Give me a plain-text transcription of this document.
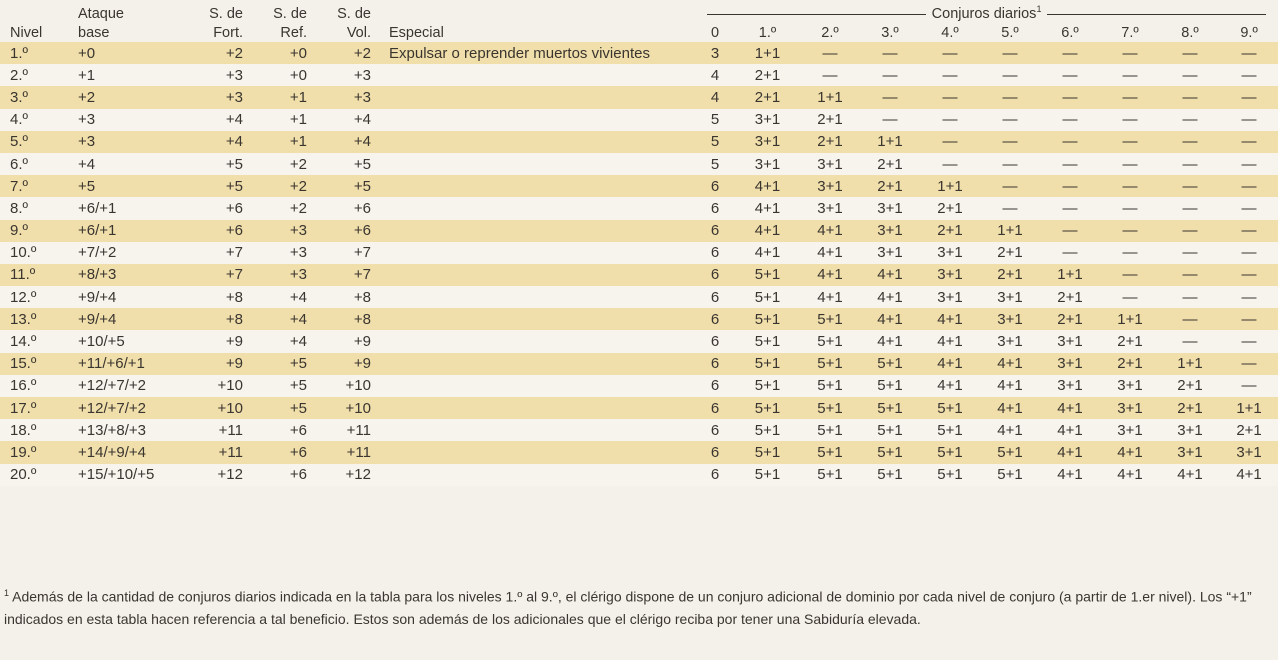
	Ataque	S. de	S. de	S. de		Conjuros diarios$^1$
Nivel	base	Fort.	Ref.	Vol.	Especial	0	1.º	2.º	3.º	4.º	5.º	6.º	7.º	8.º	9.º
1.º	+0	+2	+0	+2	Expulsar o reprender muertos vivientes	3	1+1	—	—	—	—	—	—	—	—
2.º	+1	+3	+0	+3		4	2+1	—	—	—	—	—	—	—	—
3.º	+2	+3	+1	+3		4	2+1	1+1	—	—	—	—	—	—	—
4.º	+3	+4	+1	+4		5	3+1	2+1	—	—	—	—	—	—	—
5.º	+3	+4	+1	+4		5	3+1	2+1	1+1	—	—	—	—	—	—
6.º	+4	+5	+2	+5		5	3+1	3+1	2+1	—	—	—	—	—	—
7.º	+5	+5	+2	+5		6	4+1	3+1	2+1	1+1	—	—	—	—	—
8.º	+6/+1	+6	+2	+6		6	4+1	3+1	3+1	2+1	—	—	—	—	—
9.º	+6/+1	+6	+3	+6		6	4+1	4+1	3+1	2+1	1+1	—	—	—	—
10.º	+7/+2	+7	+3	+7		6	4+1	4+1	3+1	3+1	2+1	—	—	—	—
11.º	+8/+3	+7	+3	+7		6	5+1	4+1	4+1	3+1	2+1	1+1	—	—	—
12.º	+9/+4	+8	+4	+8		6	5+1	4+1	4+1	3+1	3+1	2+1	—	—	—
13.º	+9/+4	+8	+4	+8		6	5+1	5+1	4+1	4+1	3+1	2+1	1+1	—	—
14.º	+10/+5	+9	+4	+9		6	5+1	5+1	4+1	4+1	3+1	3+1	2+1	—	—
15.º	+11/+6/+1	+9	+5	+9		6	5+1	5+1	5+1	4+1	4+1	3+1	2+1	1+1	—
16.º	+12/+7/+2	+10	+5	+10		6	5+1	5+1	5+1	4+1	4+1	3+1	3+1	2+1	—
17.º	+12/+7/+2	+10	+5	+10		6	5+1	5+1	5+1	5+1	4+1	4+1	3+1	2+1	1+1
18.º	+13/+8/+3	+11	+6	+11		6	5+1	5+1	5+1	5+1	4+1	4+1	3+1	3+1	2+1
19.º	+14/+9/+4	+11	+6	+11		6	5+1	5+1	5+1	5+1	5+1	4+1	4+1	3+1	3+1
20.º	+15/+10/+5	+12	+6	+12		6	5+1	5+1	5+1	5+1	5+1	4+1	4+1	4+1	4+1
$^1$ Además de la cantidad de conjuros diarios indicada en la tabla para los niveles 1.º al 9.º, el clérigo dispone de un conjuro adicional de dominio por cada nivel de conjuro (a partir de 1.er nivel). Los “+1” indicados en esta tabla hacen referencia a tal beneficio. Estos son además de los adicionales que el clérigo reciba por tener una Sabiduría elevada.
